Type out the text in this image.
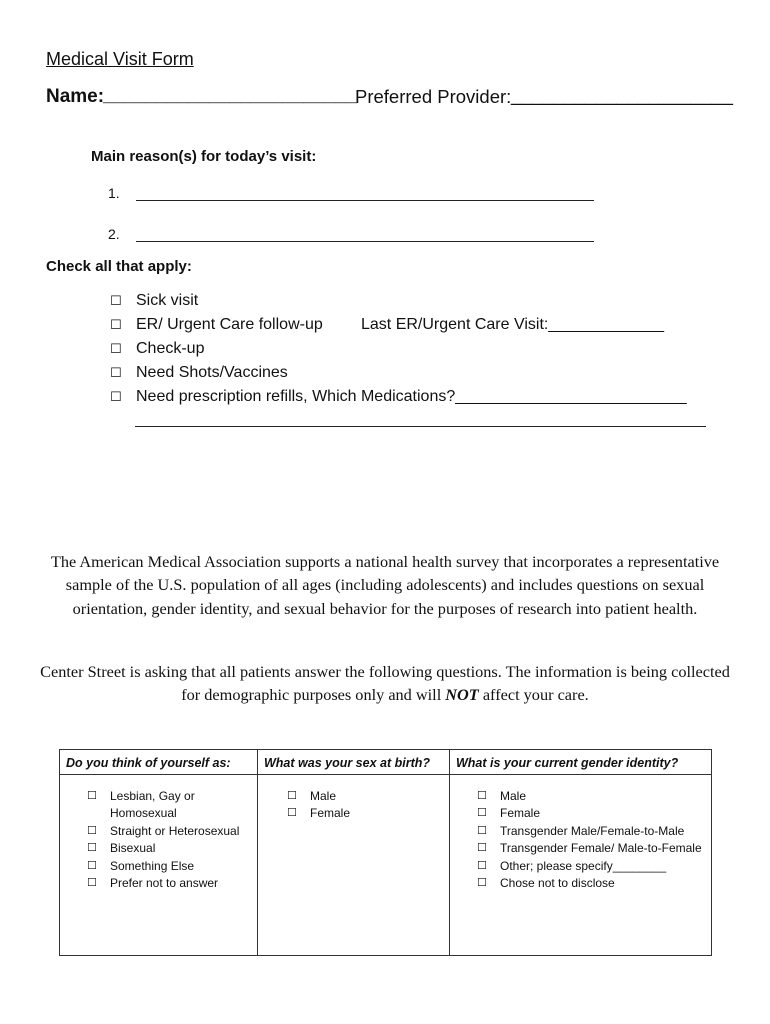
Medical Visit Form
Name:
________________________
Preferred Provider: _____________________
Main reason(s) for today’s visit:
1.
2.
Check all that apply:
☐ Sick visit
☐ ER/ Urgent Care follow-up
☐ Check-up
☐ Need Shots/Vaccines
☐ Need prescription refills, Which Medications?__________________________
Last ER/Urgent Care Visit:_____________
The American Medical Association supports a national health survey that incorporates a representative sample of the U.S. population of all ages (including adolescents) and includes questions on sexual orientation, gender identity, and sexual behavior for the purposes of research into patient health.
Center Street is asking that all patients answer the following questions. The information is being collected for demographic purposes only and will NOT affect your care.
Do you think of yourself as:
☐	Lesbian, Gay or Homosexual
☐	Straight or Heterosexual
☐	Bisexual
☐	Something Else
☐	Prefer not to answer
What was your sex at birth?
☐	Male
☐	Female
What is your current gender identity?
☐	Male
☐	Female
☐	Transgender Male/Female-to-Male
☐	Transgender Female/ Male-to-Female
☐	Other; please specify________
☐	Chose not to disclose
